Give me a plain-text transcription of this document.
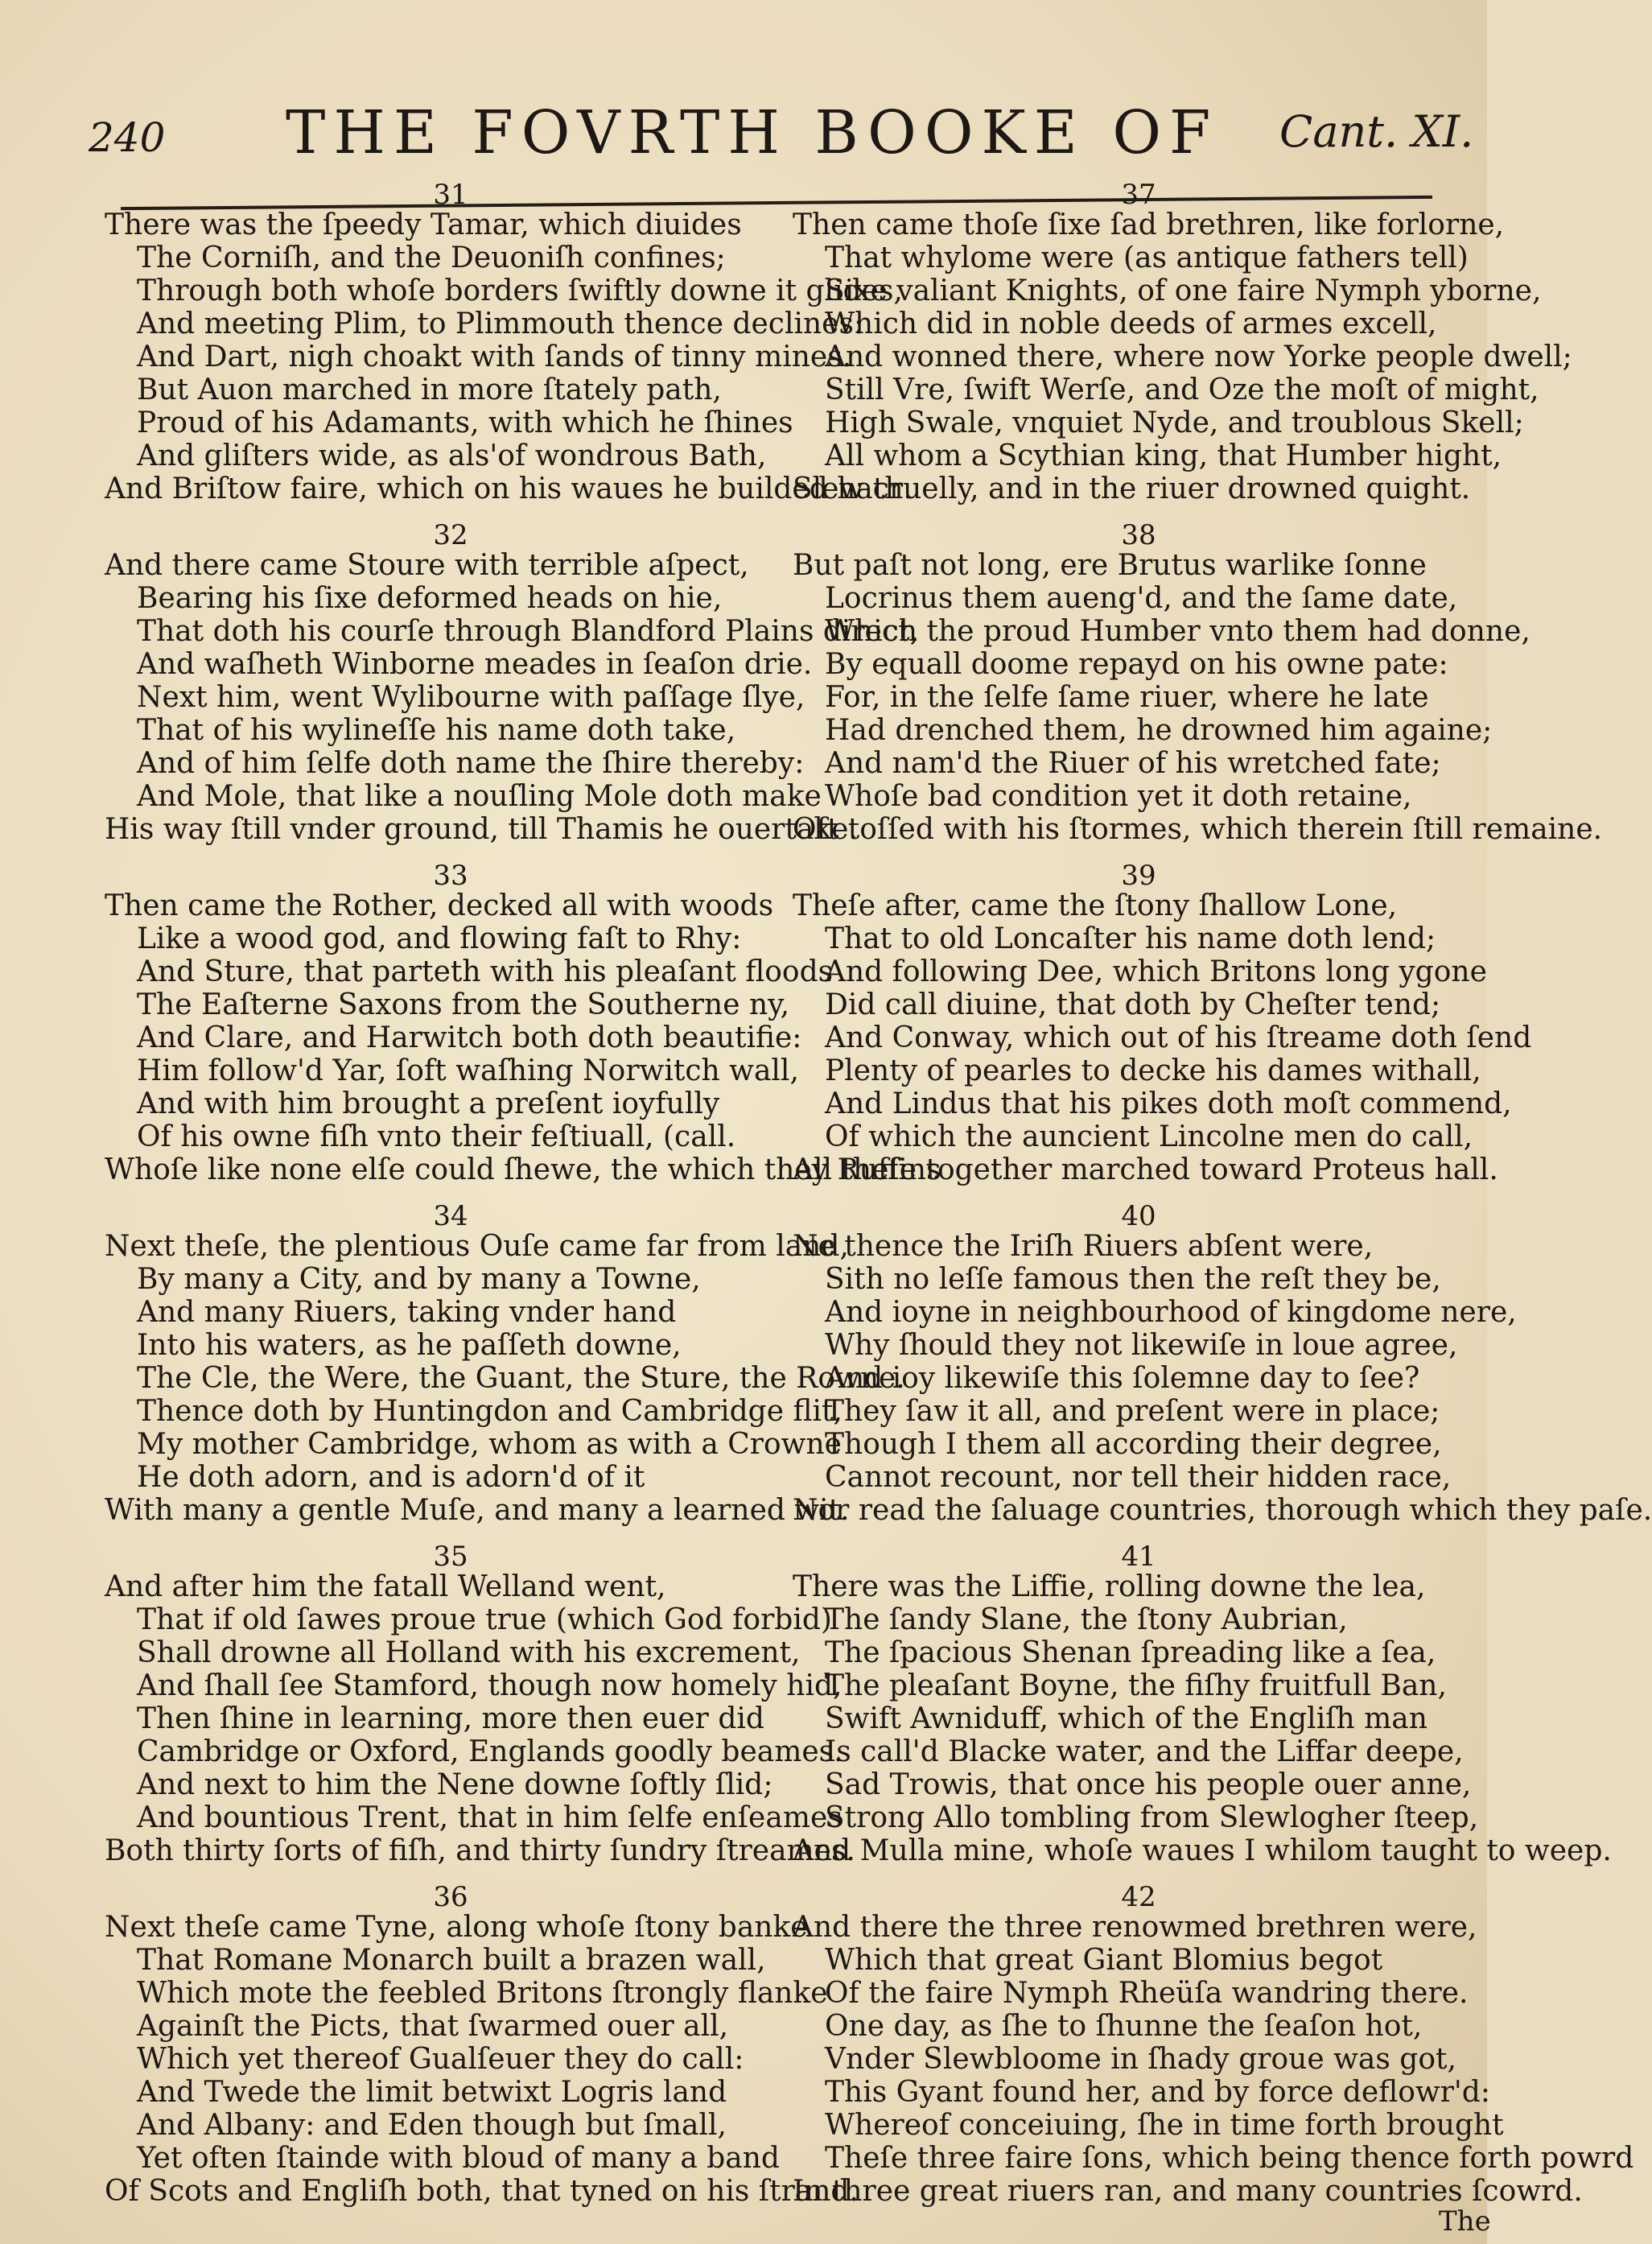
240 THE FOVRTH BOOKE OF Cant. XI.
31
There was the ſpeedy Tamar, which diuides
The Corniſh, and the Deuoniſh confines;
Through both whoſe borders ſwiftly downe it glides,
And meeting Plim, to Plimmouth thence declines:
And Dart, nigh choakt with ſands of tinny mines.
But Auon marched in more ſtately path,
Proud of his Adamants, with which he ſhines
And gliſters wide, as als'of wondrous Bath,
And Briſtow faire, which on his waues he builded hath.
32
And there came Stoure with terrible aſpect,
Bearing his ſixe deformed heads on hie,
That doth his courſe through Blandford Plains direct,
And waſheth Winborne meades in ſeaſon drie.
Next him, went Wylibourne with paſſage ſlye,
That of his wylineſſe his name doth take,
And of him ſelfe doth name the ſhire thereby:
And Mole, that like a nouſling Mole doth make
His way ſtill vnder ground, till Thamis he ouertake.
33
Then came the Rother, decked all with woods
Like a wood god, and flowing faſt to Rhy:
And Sture, that parteth with his pleaſant floods
The Eaſterne Saxons from the Southerne ny,
And Clare, and Harwitch both doth beautifie:
Him follow'd Yar, ſoft waſhing Norwitch wall,
And with him brought a preſent ioyfully
Of his owne fiſh vnto their feſtiuall, (call.
Whoſe like none elſe could ſhewe, the which they Ruffins
34
Next theſe, the plentious Ouſe came far from land,
By many a City, and by many a Towne,
And many Riuers, taking vnder hand
Into his waters, as he paſſeth downe,
The Cle, the Were, the Guant, the Sture, the Rowne.
Thence doth by Huntingdon and Cambridge flit,
My mother Cambridge, whom as with a Crowne
He doth adorn, and is adorn'd of it
With many a gentle Muſe, and many a learned wit.
35
And after him the fatall Welland went,
That if old ſawes proue true (which God forbid)
Shall drowne all Holland with his excrement,
And ſhall ſee Stamford, though now homely hid,
Then ſhine in learning, more then euer did
Cambridge or Oxford, Englands goodly beames.
And next to him the Nene downe ſoftly ſlid;
And bountious Trent, that in him ſelfe enſeames
Both thirty ſorts of fiſh, and thirty ſundry ſtreames.
36
Next theſe came Tyne, along whoſe ſtony banke
That Romane Monarch built a brazen wall,
Which mote the feebled Britons ſtrongly flanke
Againſt the Picts, that ſwarmed ouer all,
Which yet thereof Gualſeuer they do call:
And Twede the limit betwixt Logris land
And Albany: and Eden though but ſmall,
Yet often ſtainde with bloud of many a band
Of Scots and Engliſh both, that tyned on his ſtrand.
37
Then came thoſe ſixe ſad brethren, like forlorne,
That whylome were (as antique fathers tell)
Sixe valiant Knights, of one faire Nymph yborne,
Which did in noble deeds of armes excell,
And wonned there, where now Yorke people dwell;
Still Vre, ſwift Werſe, and Oze the moſt of might,
High Swale, vnquiet Nyde, and troublous Skell;
All whom a Scythian king, that Humber hight,
Slew cruelly, and in the riuer drowned quight.
38
But paſt not long, ere Brutus warlike ſonne
Locrinus them aueng'd, and the ſame date,
Which the proud Humber vnto them had donne,
By equall doome repayd on his owne pate:
For, in the ſelfe ſame riuer, where he late
Had drenched them, he drowned him againe;
And nam'd the Riuer of his wretched fate;
Whoſe bad condition yet it doth retaine,
Oft toſſed with his ſtormes, which therein ſtill remaine.
39
Theſe after, came the ſtony ſhallow Lone,
That to old Loncaſter his name doth lend;
And following Dee, which Britons long ygone
Did call diuine, that doth by Cheſter tend;
And Conway, which out of his ſtreame doth ſend
Plenty of pearles to decke his dames withall,
And Lindus that his pikes doth moſt commend,
Of which the auncient Lincolne men do call,
All theſe together marched toward Proteus hall.
40
Ne thence the Iriſh Riuers abſent were,
Sith no leſſe famous then the reſt they be,
And ioyne in neighbourhood of kingdome nere,
Why ſhould they not likewiſe in loue agree,
And ioy likewiſe this ſolemne day to ſee?
They ſaw it all, and preſent were in place;
Though I them all according their degree,
Cannot recount, nor tell their hidden race,
Nor read the ſaluage countries, thorough which they paſe.
41
There was the Liffie, rolling downe the lea,
The ſandy Slane, the ſtony Aubrian,
The ſpacious Shenan ſpreading like a ſea,
The pleaſant Boyne, the fiſhy fruitfull Ban,
Swift Awniduff, which of the Engliſh man
Is call'd Blacke water, and the Liffar deepe,
Sad Trowis, that once his people ouer anne,
Strong Allo tombling from Slewlogher ſteep,
And Mulla mine, whoſe waues I whilom taught to weep.
42
And there the three renowmed brethren were,
Which that great Giant Blomius begot
Of the faire Nymph Rheüſa wandring there.
One day, as ſhe to ſhunne the ſeaſon hot,
Vnder Slewbloome in ſhady groue was got,
This Gyant found her, and by force deflowr'd:
Whereof conceiuing, ſhe in time forth brought
Theſe three faire ſons, which being thence forth powrd
In three great riuers ran, and many countries ſcowrd.
The
